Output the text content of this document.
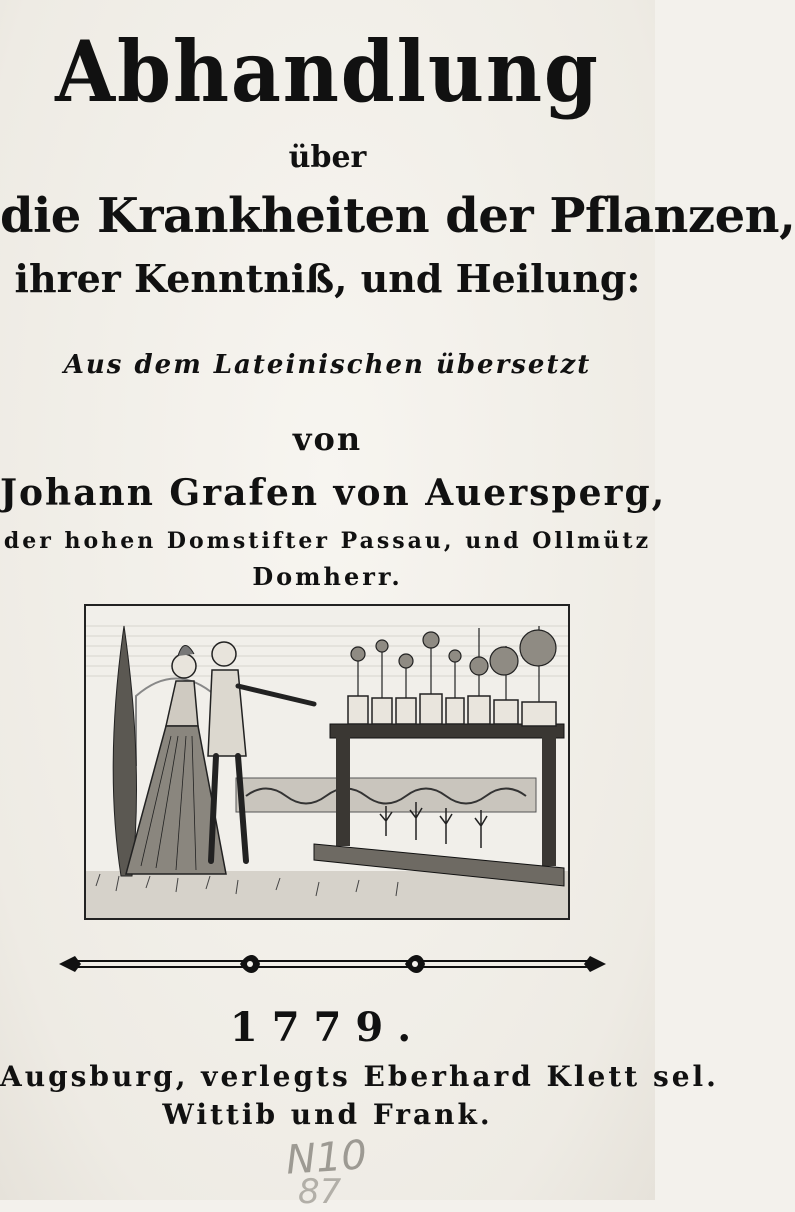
Abhandlung
über
die Krankheiten der Pflanzen,
ihrer Kenntniß, und Heilung:
Aus dem Lateinischen übersetzt
von
Johann Grafen von Auersperg,
der hohen Domstifter Passau, und Ollmütz
Domherr.
1779.
Augsburg, verlegts Eberhard Klett sel.
Wittib und Frank.
N10
87
